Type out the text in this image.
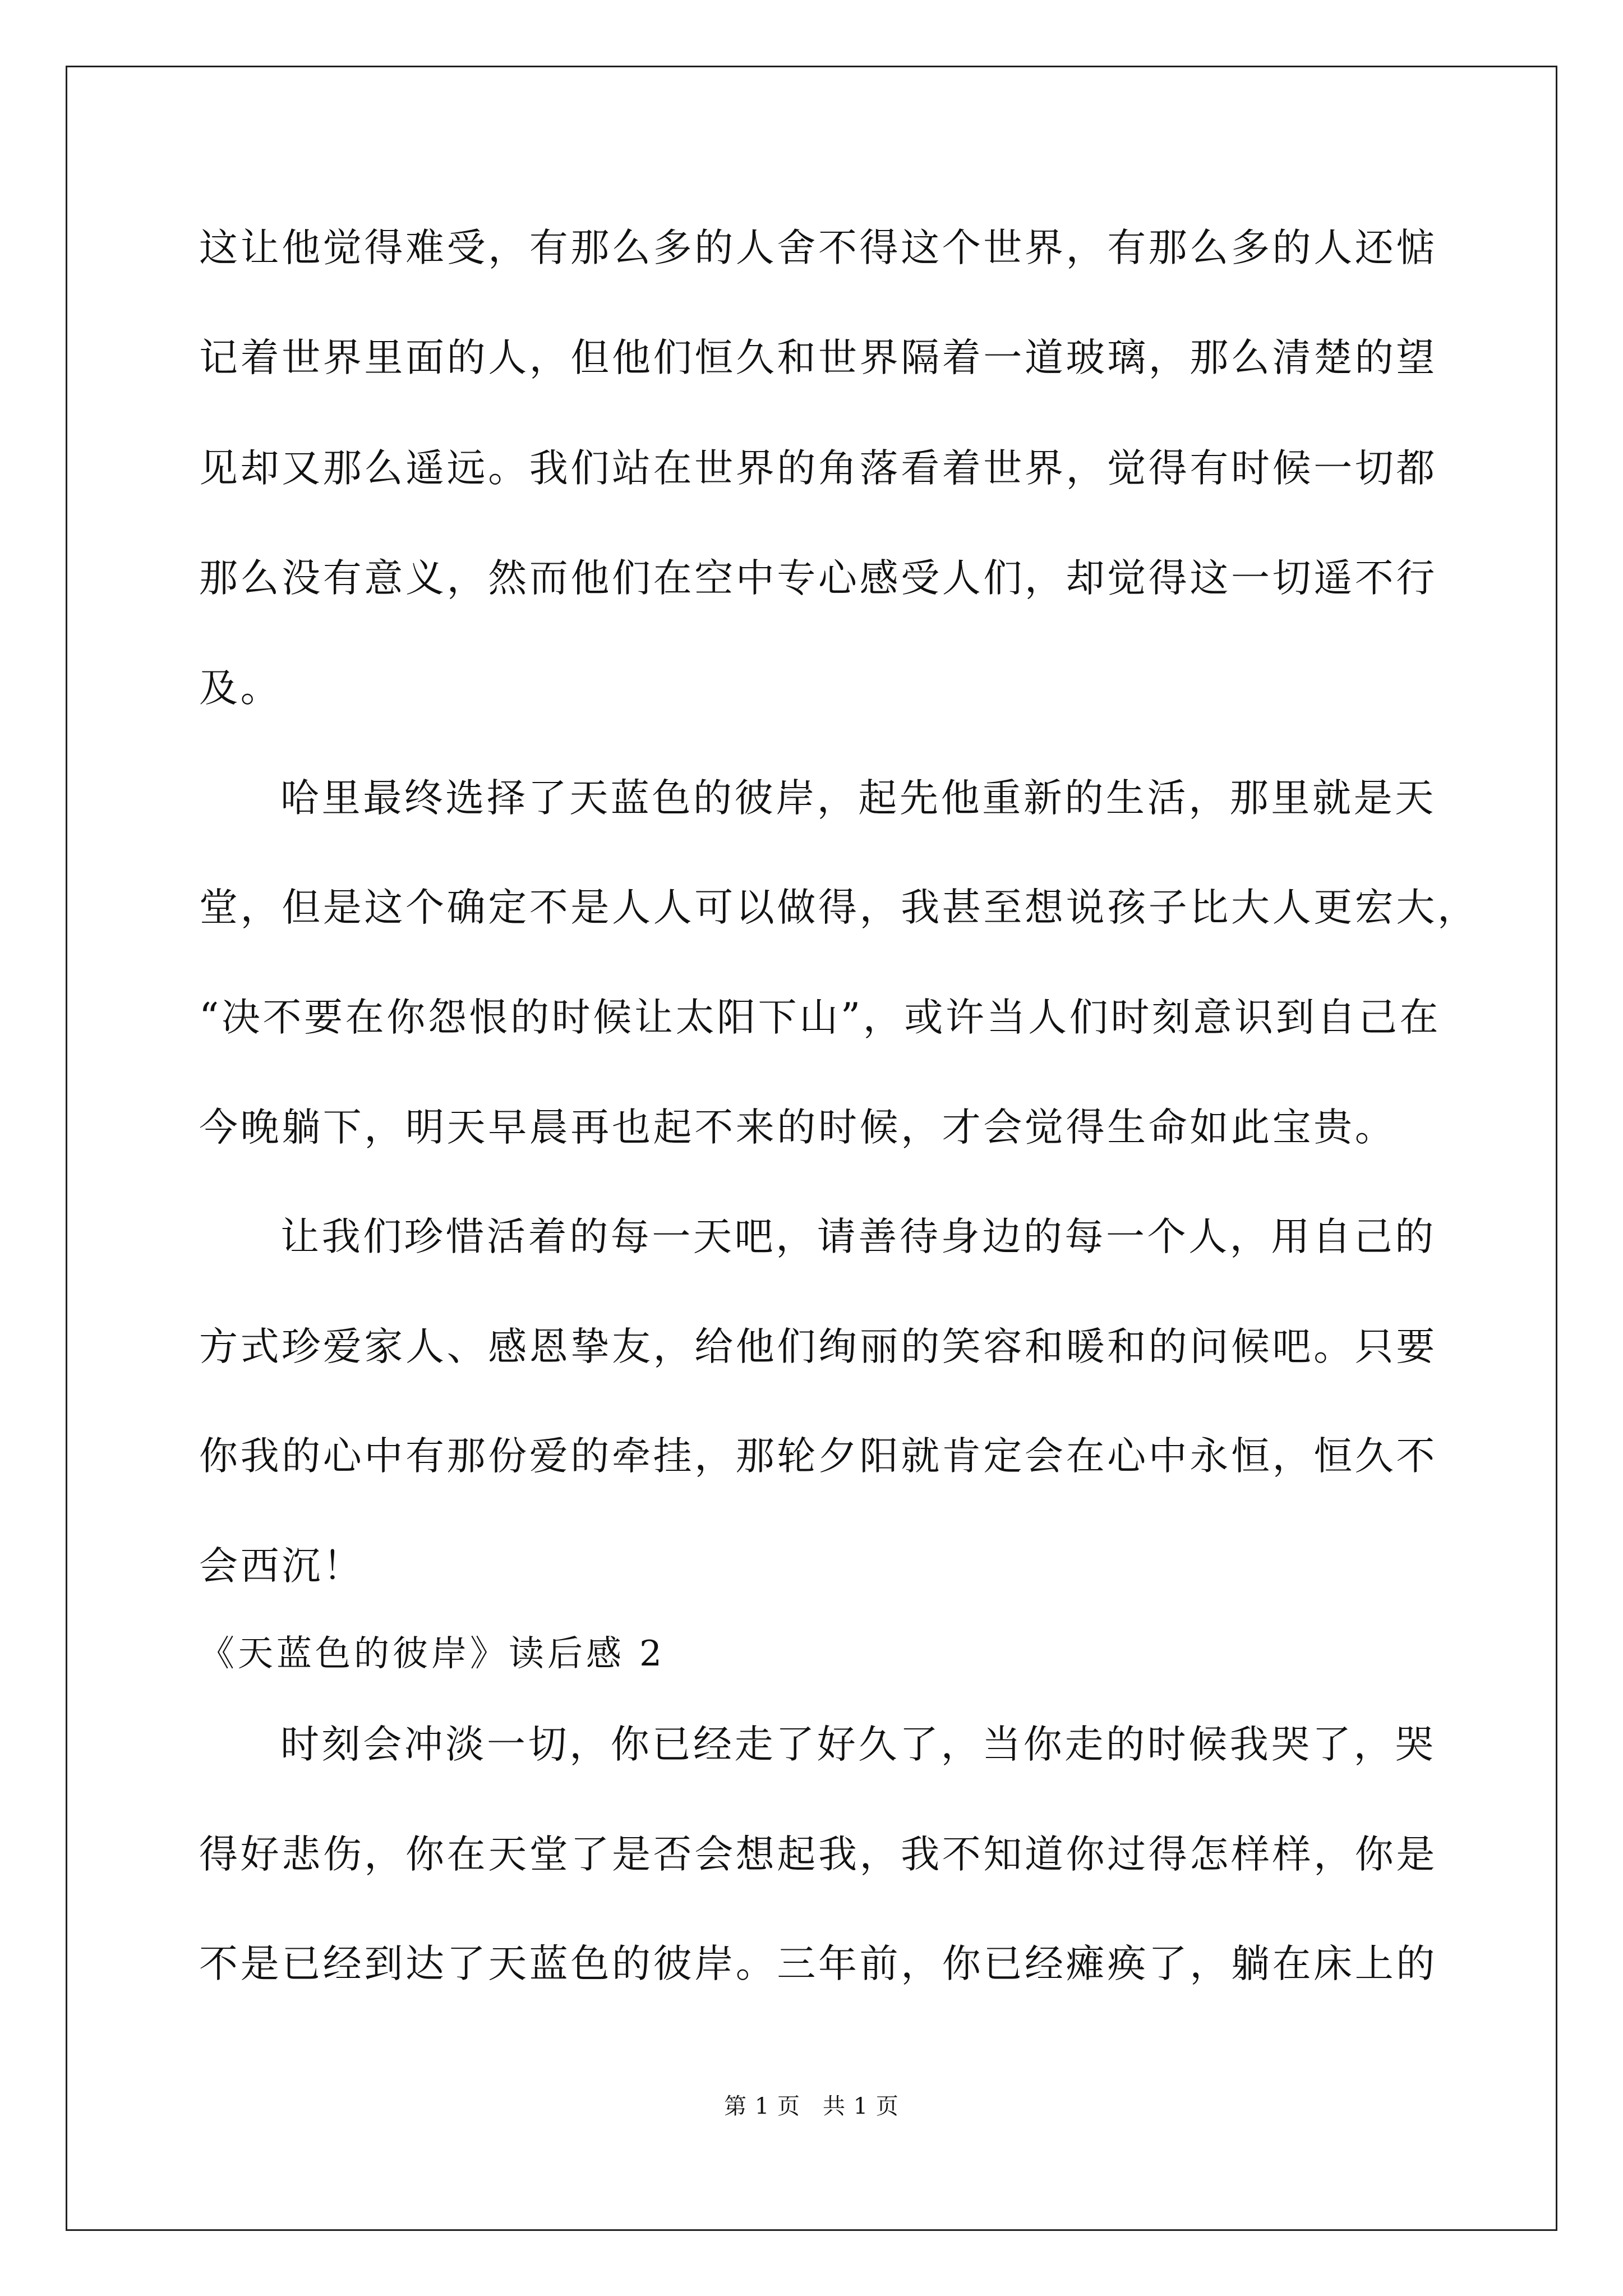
这让他觉得难受，有那么多的人舍不得这个世界，有那么多的人还惦

记着世界里面的人，但他们恒久和世界隔着一道玻璃，那么清楚的望

见却又那么遥远。我们站在世界的角落看着世界，觉得有时候一切都

那么没有意义，然而他们在空中专心感受人们，却觉得这一切遥不行

及。

哈里最终选择了天蓝色的彼岸，起先他重新的生活，那里就是天

堂，但是这个确定不是人人可以做得，我甚至想说孩子比大人更宏大，

“决不要在你怨恨的时候让太阳下山”，或许当人们时刻意识到自己在

今晚躺下，明天早晨再也起不来的时候，才会觉得生命如此宝贵。

让我们珍惜活着的每一天吧，请善待身边的每一个人，用自己的

方式珍爱家人、感恩挚友，给他们绚丽的笑容和暖和的问候吧。只要

你我的心中有那份爱的牵挂，那轮夕阳就肯定会在心中永恒，恒久不

会西沉！

《天蓝色的彼岸》读后感 2

时刻会冲淡一切，你已经走了好久了，当你走的时候我哭了，哭

得好悲伤，你在天堂了是否会想起我，我不知道你过得怎样样，你是

不是已经到达了天蓝色的彼岸。三年前，你已经瘫痪了，躺在床上的

第 1 页 共 1 页
